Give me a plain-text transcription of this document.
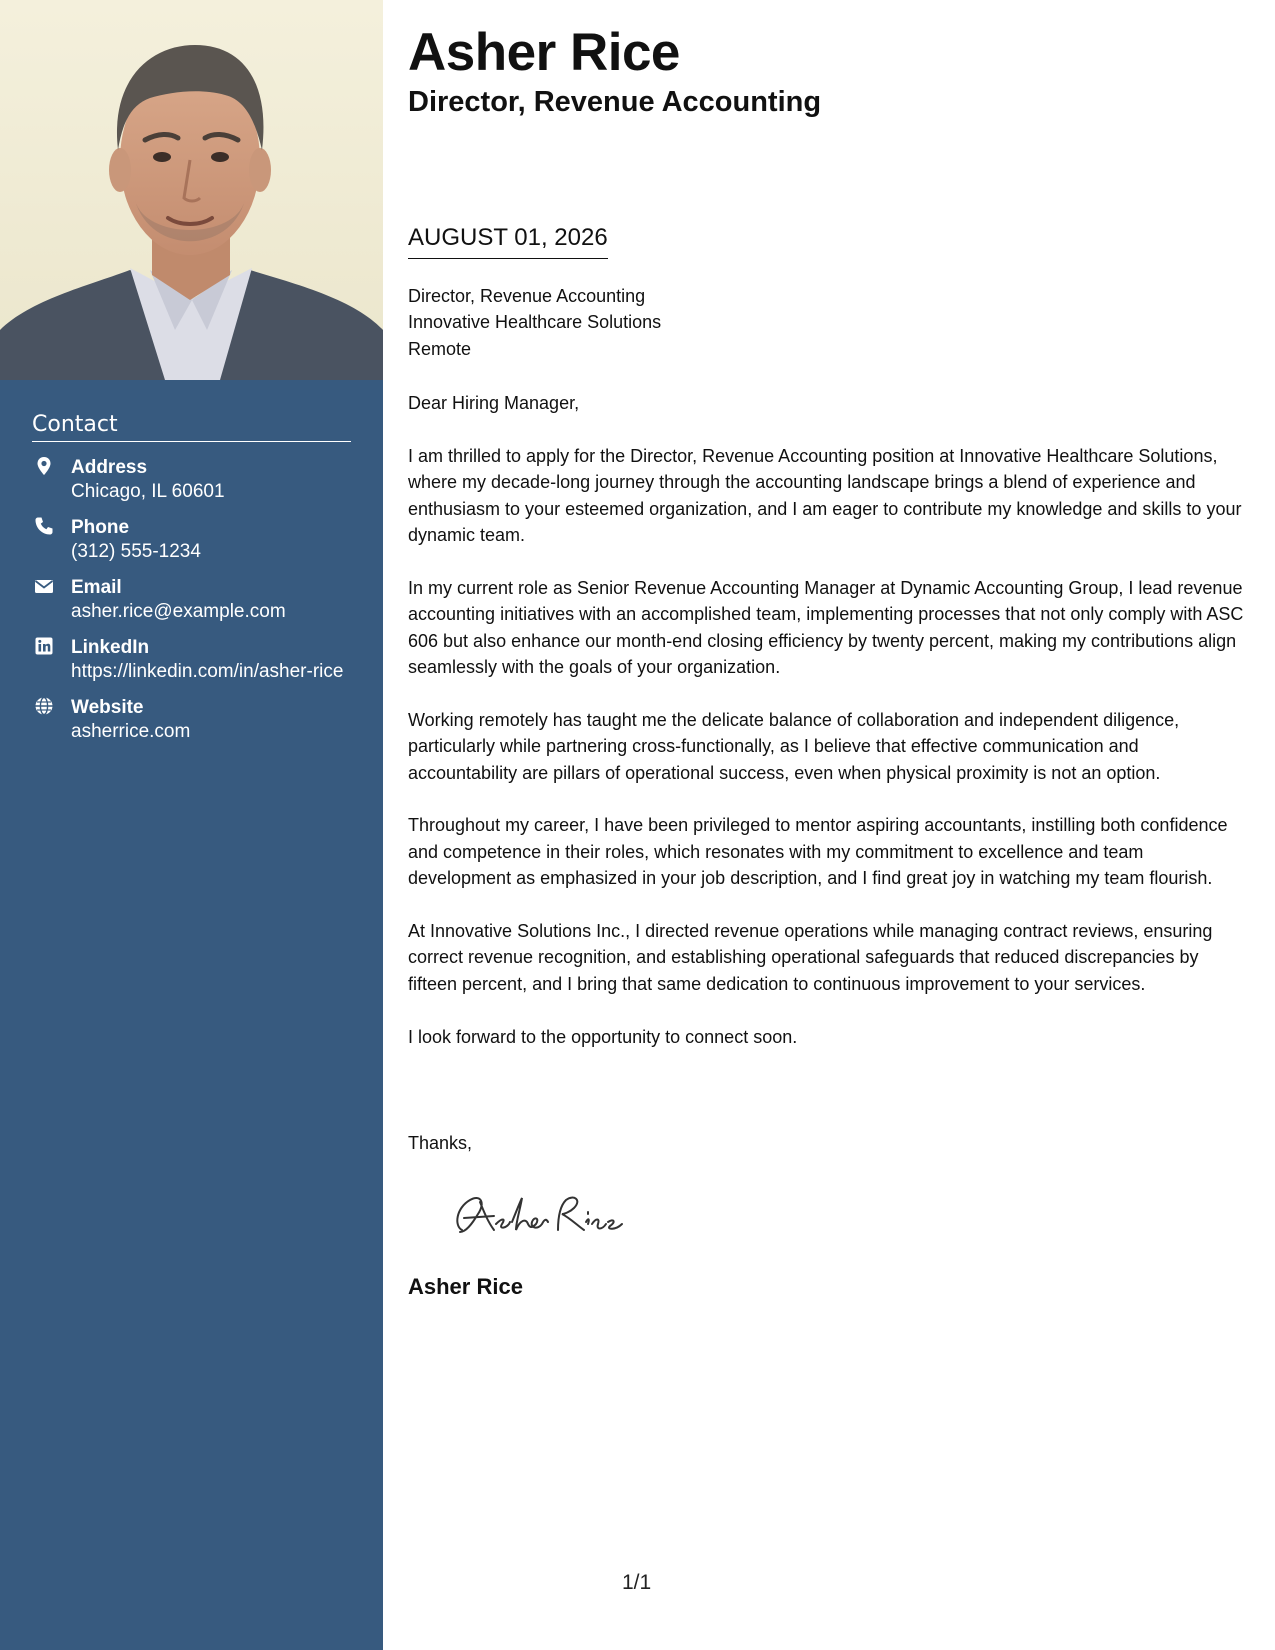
Contact
Address
Chicago, IL 60601
Phone
(312) 555-1234
Email
asher.rice@example.com
LinkedIn
https://linkedin.com/in/asher-rice
Website
asherrice.com
Asher Rice
Director, Revenue Accounting
AUGUST 01, 2026
Director, Revenue Accounting
Innovative Healthcare Solutions
Remote

Dear Hiring Manager,

I am thrilled to apply for the Director, Revenue Accounting position at Innovative Healthcare Solutions, where my decade-long journey through the accounting landscape brings a blend of experience and enthusiasm to your esteemed organization, and I am eager to contribute my knowledge and skills to your dynamic team.

In my current role as Senior Revenue Accounting Manager at Dynamic Accounting Group, I lead revenue accounting initiatives with an accomplished team, implementing processes that not only comply with ASC 606 but also enhance our month-end closing efficiency by twenty percent, making my contributions align seamlessly with the goals of your organization.

Working remotely has taught me the delicate balance of collaboration and independent diligence, particularly while partnering cross-functionally, as I believe that effective communication and accountability are pillars of operational success, even when physical proximity is not an option.

Throughout my career, I have been privileged to mentor aspiring accountants, instilling both confidence and competence in their roles, which resonates with my commitment to excellence and team development as emphasized in your job description, and I find great joy in watching my team flourish.

At Innovative Solutions Inc., I directed revenue operations while managing contract reviews, ensuring correct revenue recognition, and establishing operational safeguards that reduced discrepancies by fifteen percent, and I bring that same dedication to continuous improvement to your services.

I look forward to the opportunity to connect soon.

Thanks,
Asher Rice
1/1
